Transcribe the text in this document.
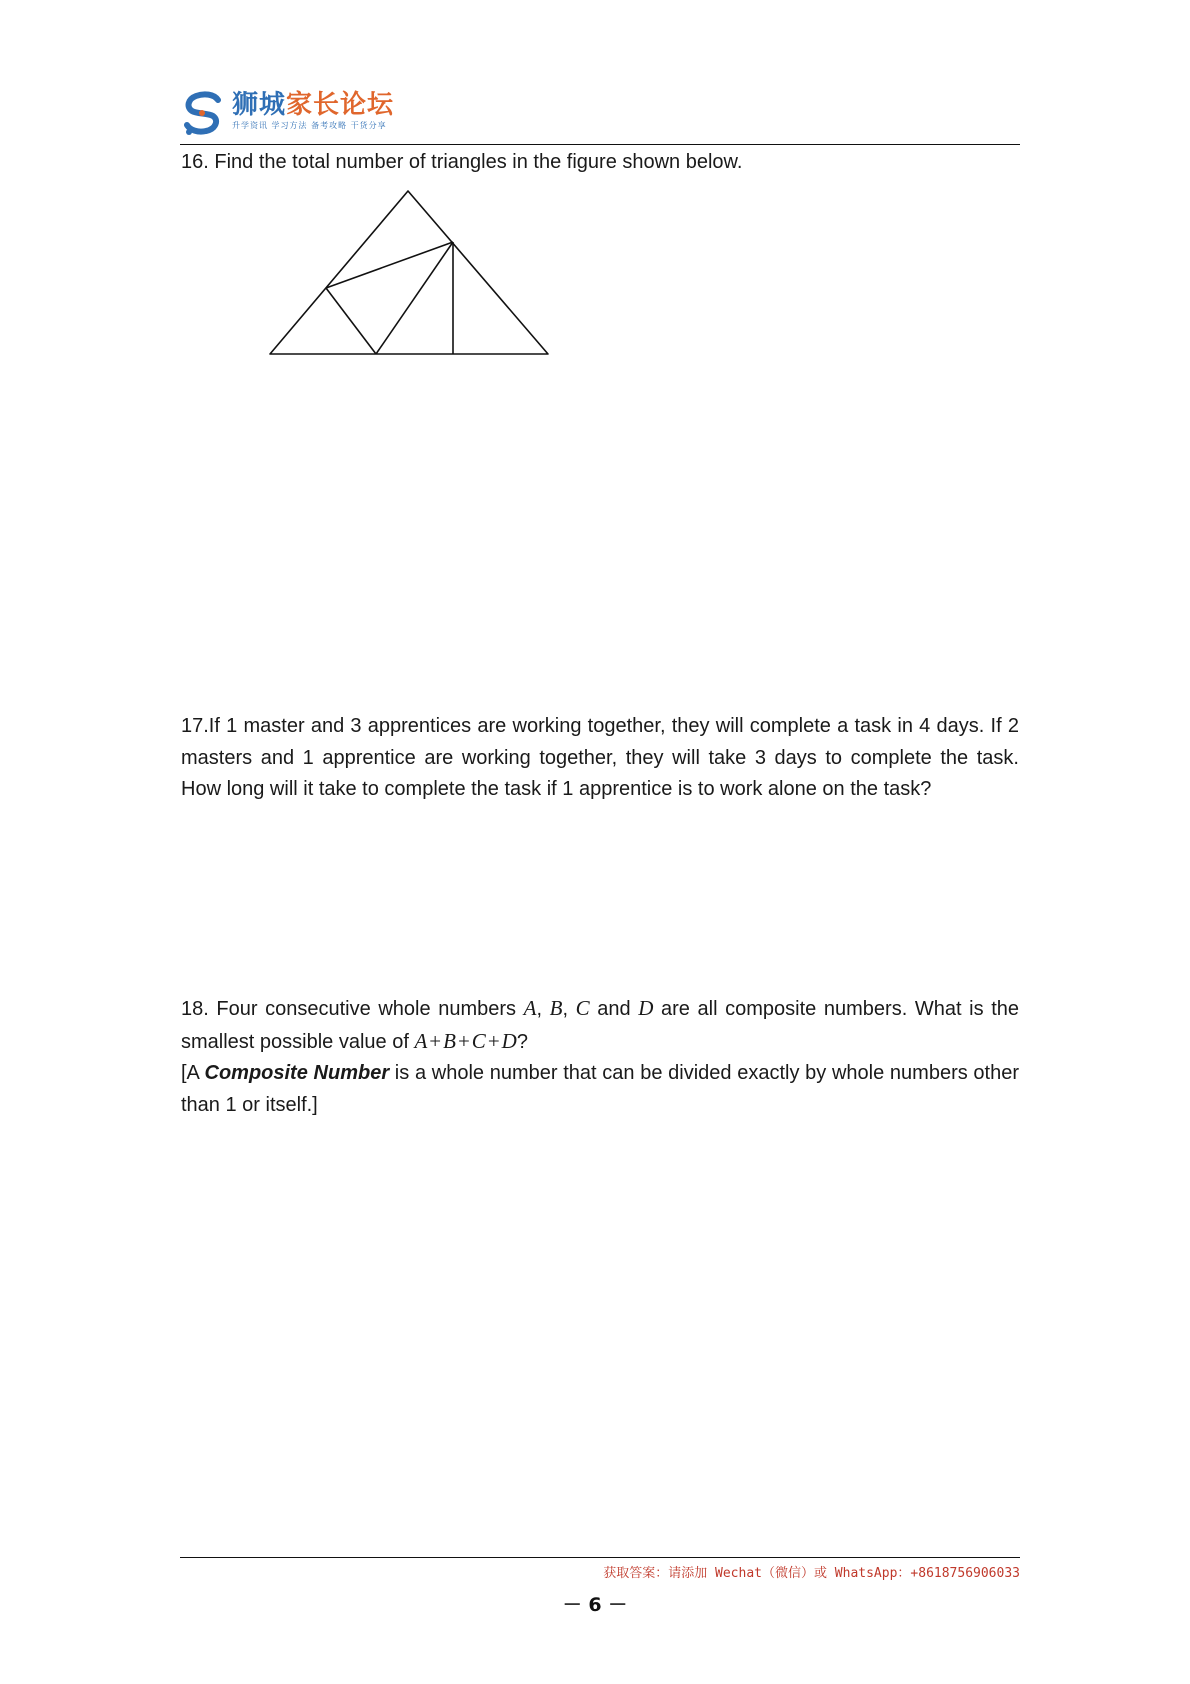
狮城家长论坛
升学资讯 学习方法 备考攻略 干货分享
16. Find the total number of triangles in the figure shown below.
17.If 1 master and 3 apprentices are working together, they will complete a task in 4 days. If 2 masters and 1 apprentice are working together, they will take 3 days to complete the task. How long will it take to complete the task if 1 apprentice is to work alone on the task?
18. Four consecutive whole numbers A, B, C and D are all composite numbers. What is the smallest possible value of A+B+C+D?
[A Composite Number is a whole number that can be divided exactly by whole numbers other than 1 or itself.]
获取答案：请添加 Wechat（微信）或 WhatsApp：+8618756906033
－ 6 －
